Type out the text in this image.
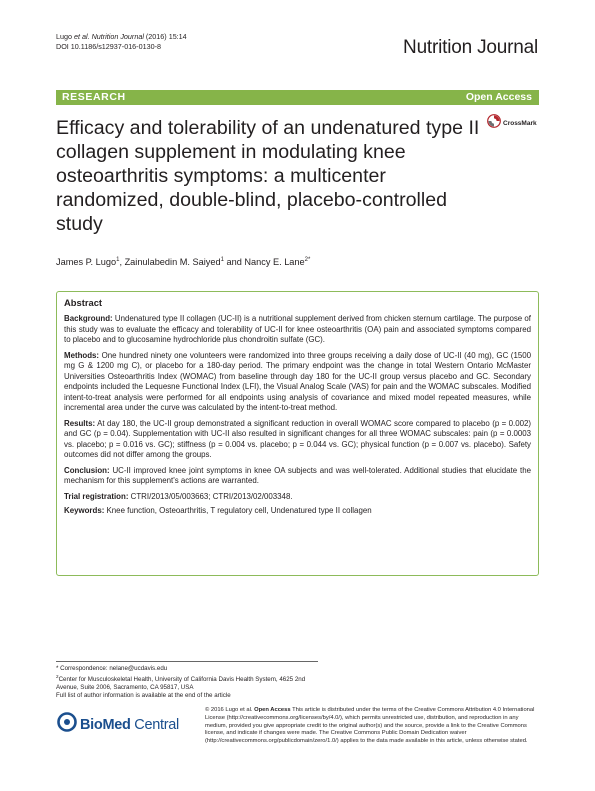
Lugo et al. Nutrition Journal (2016) 15:14
DOI 10.1186/s12937-016-0130-8	Nutrition Journal
RESEARCH	Open Access
Efficacy and tolerability of an undenatured type II collagen supplement in modulating knee osteoarthritis symptoms: a multicenter randomized, double-blind, placebo-controlled study
CrossMark
James P. Lugo$^1$, Zainulabedin M. Saiyed$^1$ and Nancy E. Lane$^{2*}$
Abstract

Background: Undenatured type II collagen (UC-II) is a nutritional supplement derived from chicken sternum cartilage. The purpose of this study was to evaluate the efficacy and tolerability of UC-II for knee osteoarthritis (OA) pain and associated symptoms compared to placebo and to glucosamine hydrochloride plus chondroitin sulfate (GC).

Methods: One hundred ninety one volunteers were randomized into three groups receiving a daily dose of UC-II (40 mg), GC (1500 mg G & 1200 mg C), or placebo for a 180-day period. The primary endpoint was the change in total Western Ontario McMaster Universities Osteoarthritis Index (WOMAC) from baseline through day 180 for the UC-II group versus placebo and GC. Secondary endpoints included the Lequesne Functional Index (LFI), the Visual Analog Scale (VAS) for pain and the WOMAC subscales. Modified intent-to-treat analysis were performed for all endpoints using analysis of covariance and mixed model repeated measures, while incremental area under the curve was calculated by the intent-to-treat method.

Results: At day 180, the UC-II group demonstrated a significant reduction in overall WOMAC score compared to placebo (p = 0.002) and GC (p = 0.04). Supplementation with UC-II also resulted in significant changes for all three WOMAC subscales: pain (p = 0.0003 vs. placebo; p = 0.016 vs. GC); stiffness (p = 0.004 vs. placebo; p = 0.044 vs. GC); physical function (p = 0.007 vs. placebo). Safety outcomes did not differ among the groups.

Conclusion: UC-II improved knee joint symptoms in knee OA subjects and was well-tolerated. Additional studies that elucidate the mechanism for this supplement's actions are warranted.

Trial registration: CTRI/2013/05/003663; CTRI/2013/02/003348.

Keywords: Knee function, Osteoarthritis, T regulatory cell, Undenatured type II collagen

* Correspondence: nelane@ucdavis.edu
$^2$Center for Musculoskeletal Health, University of California Davis Health System, 4625 2nd Avenue, Suite 2006, Sacramento, CA 95817, USA
Full list of author information is available at the end of the article
BioMed Central
© 2016 Lugo et al. Open Access This article is distributed under the terms of the Creative Commons Attribution 4.0 International License (http://creativecommons.org/licenses/by/4.0/), which permits unrestricted use, distribution, and reproduction in any medium, provided you give appropriate credit to the original author(s) and the source, provide a link to the Creative Commons license, and indicate if changes were made. The Creative Commons Public Domain Dedication waiver (http://creativecommons.org/publicdomain/zero/1.0/) applies to the data made available in this article, unless otherwise stated.
